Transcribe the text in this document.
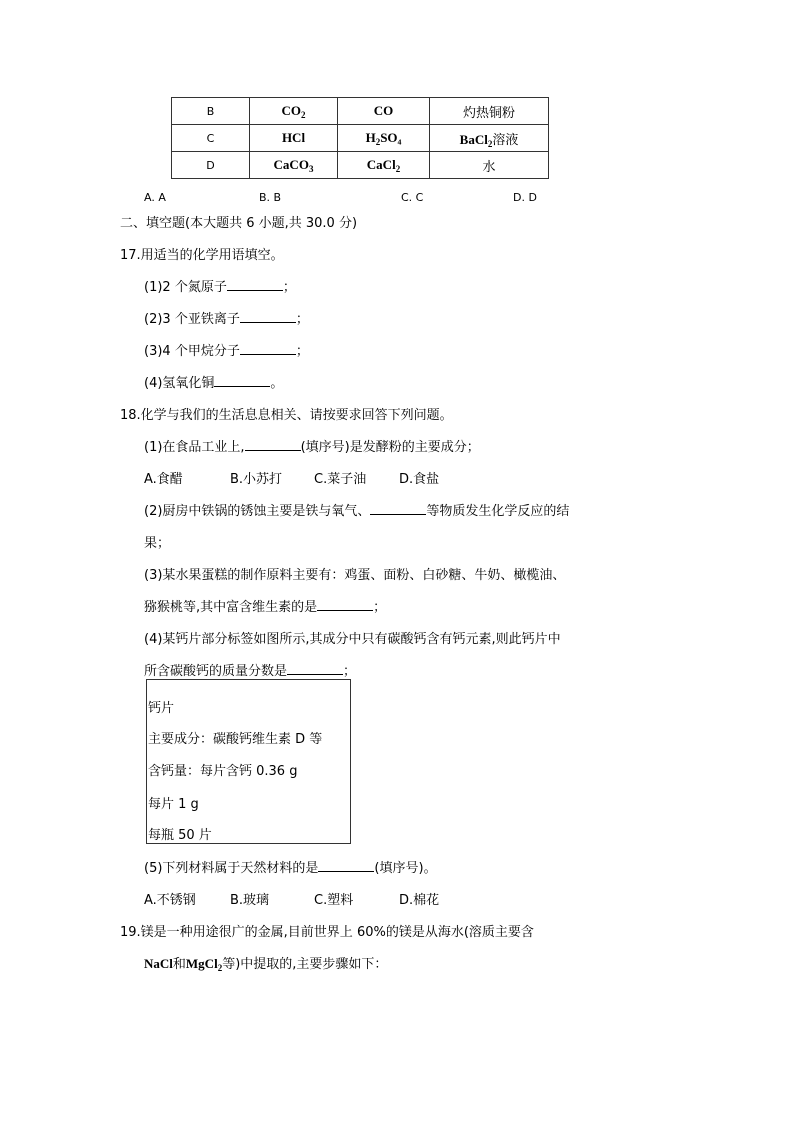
B	$CO_2$	CO	灼热铜粉
C	HCl	$H_2SO_4$	BaCl$_2$溶液
D	CaCO$_3$	CaCl$_2$	水
A. A	B. B	C. C	D. D
二、填空题(本大题共 6 小题,共 30.0 分)
17.用适当的化学用语填空。
(1)2 个氮原子	；
(2)3 个亚铁离子	；
(3)4 个甲烷分子	；
(4)氢氧化铜	。
18.化学与我们的生活息息相关、请按要求回答下列问题。
(1)在食品工业上,	(填序号)是发酵粉的主要成分；
A.食醋	B.小苏打 C.菜子油	D.食盐
(2)厨房中铁锅的锈蚀主要是铁与氧气、	等物质发生化学反应的结
果；
(3)某水果蛋糕的制作原料主要有：鸡蛋、面粉、白砂糖、牛奶、橄榄油、
猕猴桃等,其中富含维生素的是	；
(4)某钙片部分标签如图所示,其成分中只有碳酸钙含有钙元素,则此钙片中
所含碳酸钙的质量分数是	；
钙片
主要成分：碳酸钙维生素 D 等
含钙量：每片含钙 0.36 g
每片 1 g
每瓶 50 片
(5)下列材料属于天然材料的是	(填序号)。
A.不锈钢	B.玻璃	C.塑料	D.棉花
19.镁是一种用途很广的金属,目前世界上 60%的镁是从海水(溶质主要含
NaCl和MgCl$_2$等)中提取的,主要步骤如下：
